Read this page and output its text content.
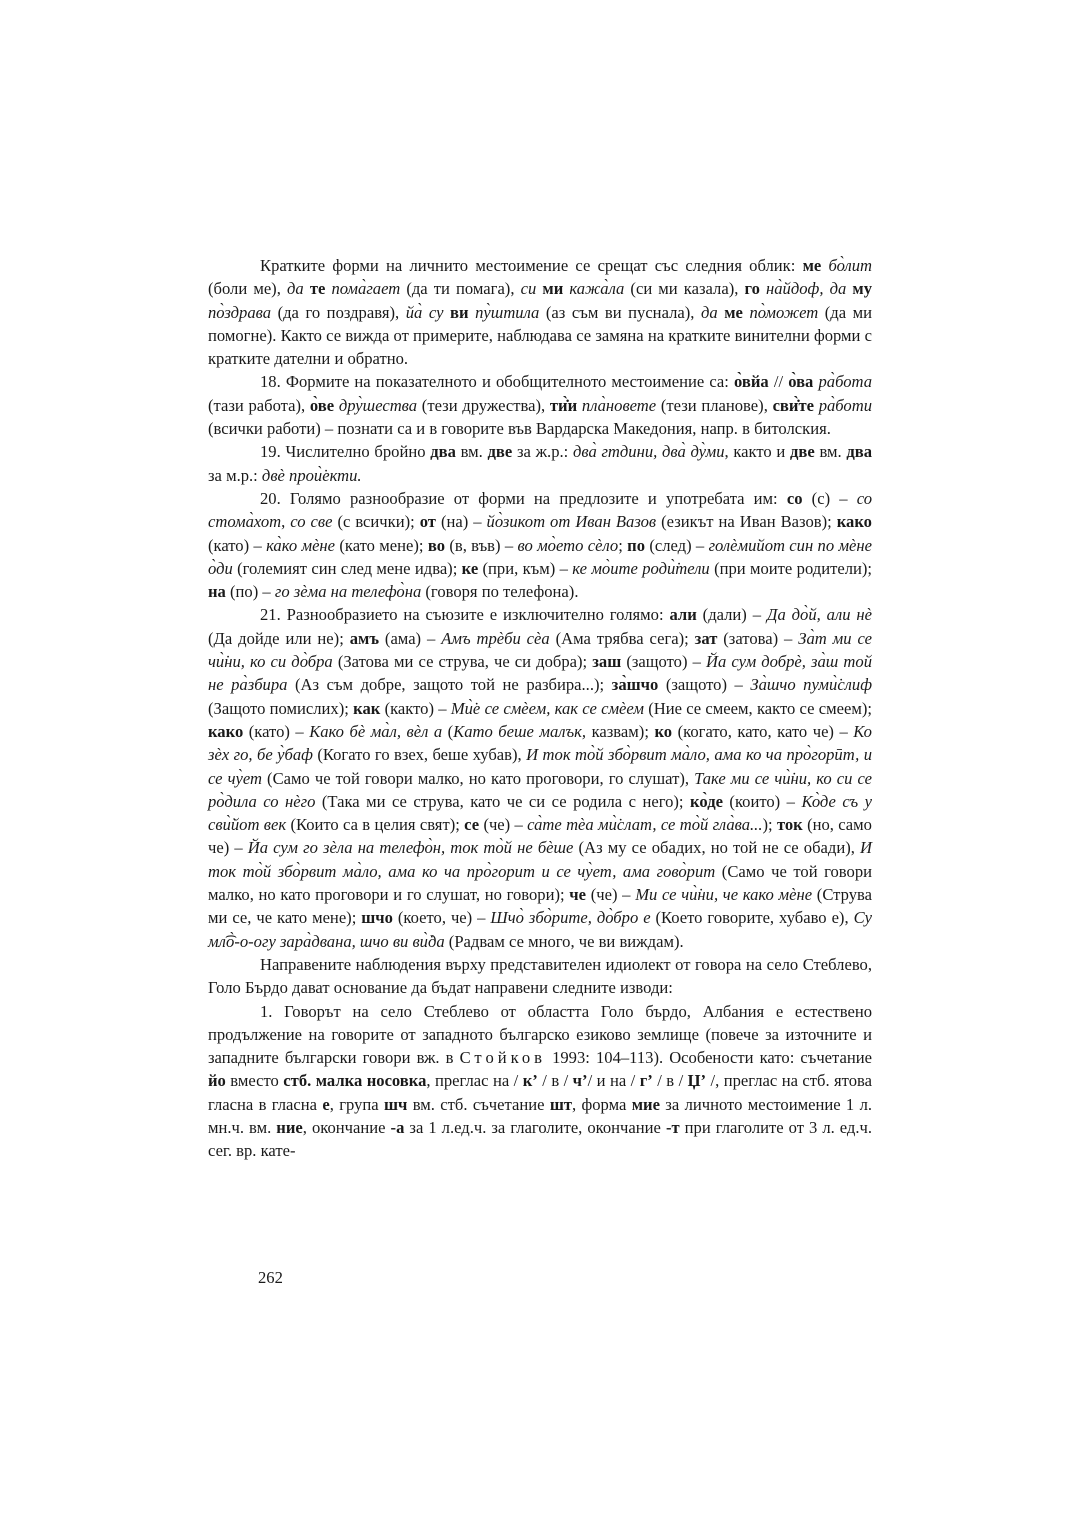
Кратките форми на личнито местоимение се срещат със следния облик: ме бо̀лит (боли ме), да те пома̀гает (да ти помага), си ми кажа̀ла (си ми казала), го на̀йдоф, да му по̀здрава (да го поздравя), йа̀ су ви пу̀штила (аз съм ви пуснала), да ме по̀может (да ми помогне). Както се вижда от примерите, наблюдава се замяна на кратките винителни форми с кратките дателни и обратно.

18. Формите на показателното и обобщителното местоимение са: о̀вйа // о̀ва ра̀бота (тази работа), о̀ве дру̀шества (тези дружества), ти̇̀и пла̀новете (тези планове), сви̇̀те ра̀боти (всички работи) – познати са и в говорите във Вардарска Македония, напр. в битолския.

19. Числително бройно два вм. две за ж.р.: два̀ гтдини, два̀ ду̀ми, както и две вм. два за м.р.: двѐ прои̇̀екти.

20. Голямо разнообразие от форми на предлозите и употребата им: со (с) – со стома̀хот, со све (с всички); от (на) – йо̀зикот от Иван Вазов (езикът на Иван Вазов); како (като) – ка̀ко мѐне (като мене); во (в, във) – во мо̀ето сѐло; по (след) – голѐмийот син по мѐне о̀ди (големият син след мене идва); ке (при, към) – ке мо̀ите роди̇̀тели (при моите родители); на (по) – го зѐма на телефо̀на (говоря по телефона).

21. Разнообразието на съюзите е изключително голямо: али (дали) – Да до̀й, али нѐ (Да дойде или не); амъ (ама) – Амъ трѐби сѐа (Ама трябва сега); зат (затова) – За̀т ми се чи̇̀ни, ко си до̀бра (Затова ми се струва, че си добра); заш (защото) – Йа сум добрѐ, за̀ш той не ра̀збира (Аз съм добре, защото той не разбира...); за̀шчо (защото) – За̀шчо пуми̇̀слиф (Защото помислих); как (както) – Ми̇̀е се смѐем, как се смѐем (Ние се смеем, както се смеем); како (като) – Како бѐ ма̀л, вѐл а (Като беше малък, казвам); ко (когато, като, като че) – Ко зѐх го, бе у̀баф (Когато го взех, беше хубав), И ток то̀й збо̀рвит ма̀ло, ама ко ча про̀горӣт, и се чу̀ет (Само че той говори малко, но като проговори, го слушат), Таке ми се чи̇̀ни, ко си се ро̀дила со нѐго (Така ми се струва, като че си се родила с него); ко̀де (които) – Ко̀де съ у сви̇̀йот век (Които са в целия свят); се (че) – са̀те тѐа ми̇̀слат, се то̀й гла̀ва...); ток (но, само че) – Йа сум го зѐла на телефо̀н, ток то̀й не бѐше (Аз му се обадих, но той не се обади), И ток то̀й збо̀рвит ма̀ло, ама ко ча про̀горит и се чу̀ет, ама гово̀рит (Само че той говори малко, но като проговори и го слушат, но говори); че (че) – Ми се чи̇̀ни, че како мѐне (Струва ми се, че като мене); шчо (което, че) – Шчо̀ збо̀рите, до̀бро е (Което говорите, хубаво е), Су мл͡о̀-о-огу зара̀двана, шчо ви ви̇̀да (Радвам се много, че ви виждам).

Направените наблюдения върху представителен идиолект от говора на село Стеблево, Голо Бърдо дават основание да бъдат направени следните изводи:

1. Говорът на село Стеблево от областта Голо бърдо, Албания е естествено продължение на говорите от западното българско езиково землище (повече за източните и западните български говори вж. в Стойков 1993: 104–113). Особености като: съчетание йо вместо стб. малка носовка, преглас на / к’ / в / ч’/ и на / г’ / в / Џ’ /, преглас на стб. ятова гласна в гласна е, група шч вм. стб. съчетание шт, форма мие за личното местоимение 1 л. мн.ч. вм. ние, окончание -а за 1 л.ед.ч. за глаголите, окончание -т при глаголите от 3 л. ед.ч. сег. вр. кате-

262
